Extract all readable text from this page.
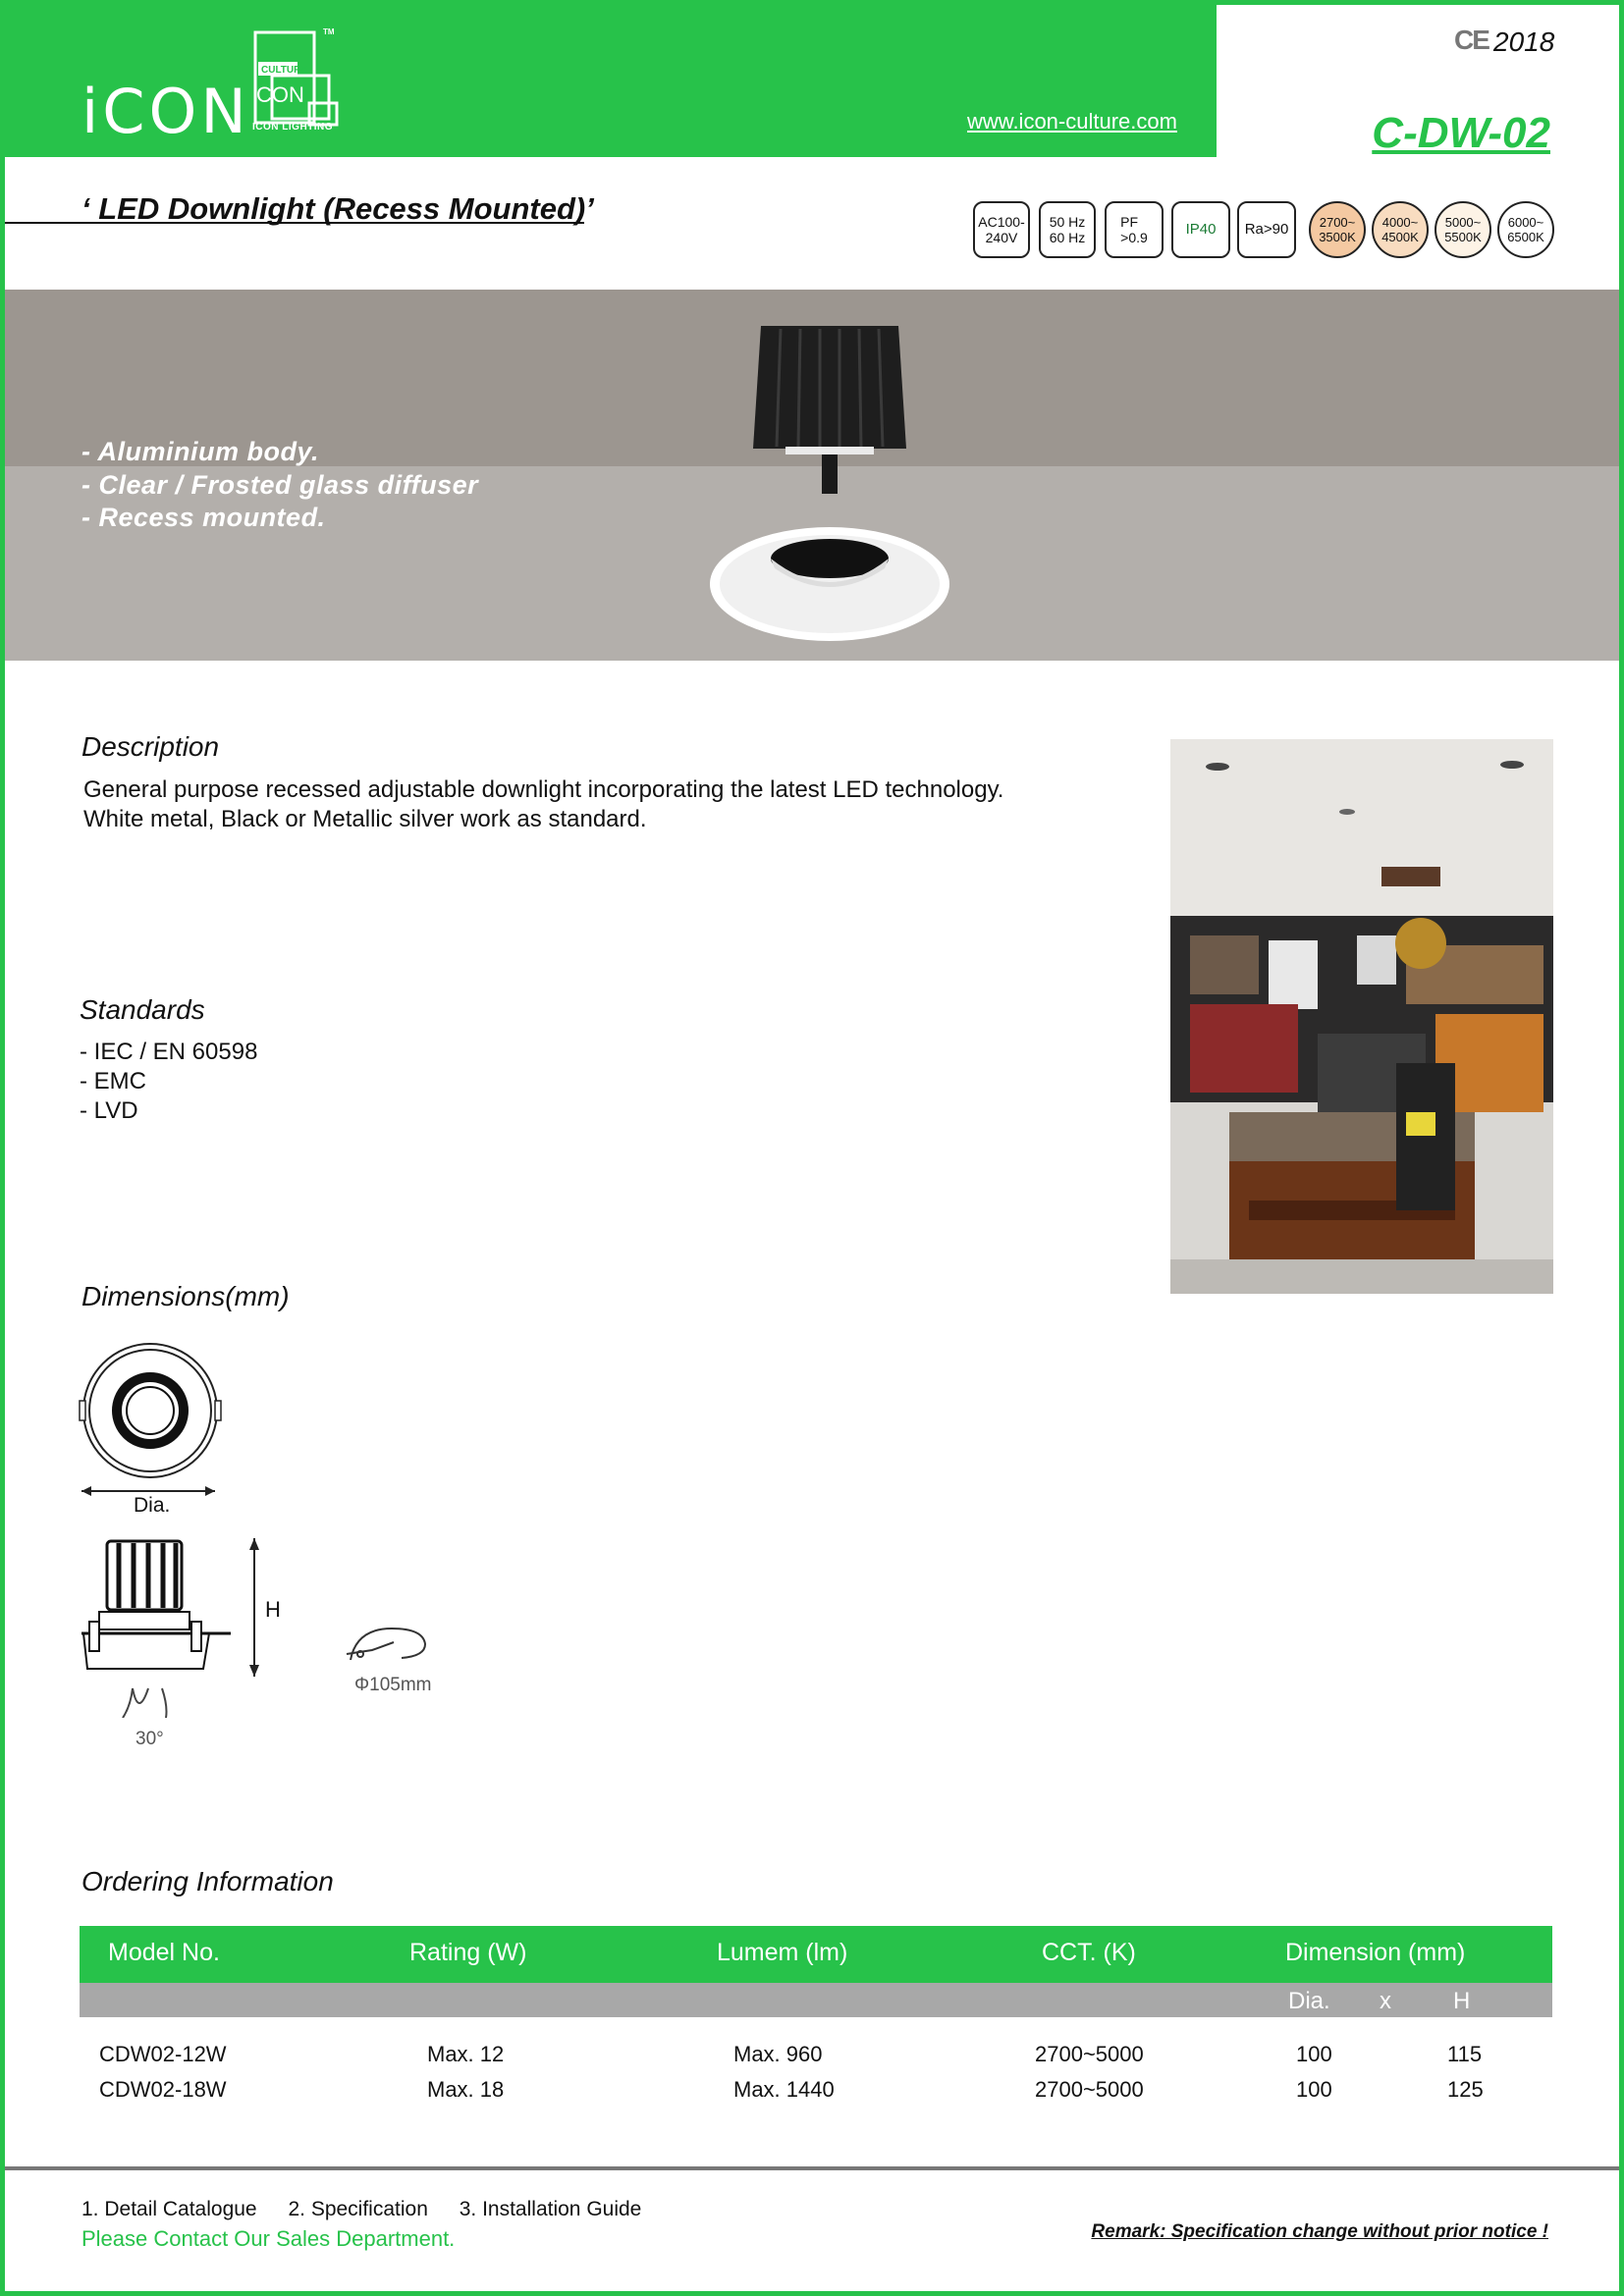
iCON
CULTURE
CON
TM
ICON LIGHTING	www.icon-culture.com
CE 2018
C-DW-02
‘ LED Downlight (Recess Mounted)’	AC100-
240V
50 Hz
60 Hz
PF
>0.9	IP40 Ra>90 2700~
3500K
4000~
4500K
5000~
5500K
6000~
6500K
- Aluminium body.
- Clear / Frosted glass diffuser
- Recess mounted.
Description
General purpose recessed adjustable downlight incorporating the latest LED technology.
White metal, Black or Metallic silver work as standard.
Standards
- IEC / EN 60598
- EMC
- LVD
Dimensions(mm)
Dia.
30°
H
Φ105mm
Ordering Information
Model No.	Rating (W)	Lumem (lm)	CCT. (K)	Dimension (mm)
Dia. x	H
CDW02-12W	Max. 12	Max. 960	2700~5000	100	115
CDW02-18W	Max. 18	Max. 1440	2700~5000	100	125
1. Detail Catalogue 2. Specification 3. Installation Guide
Please Contact Our Sales Department.	Remark: Specification change without prior notice !
